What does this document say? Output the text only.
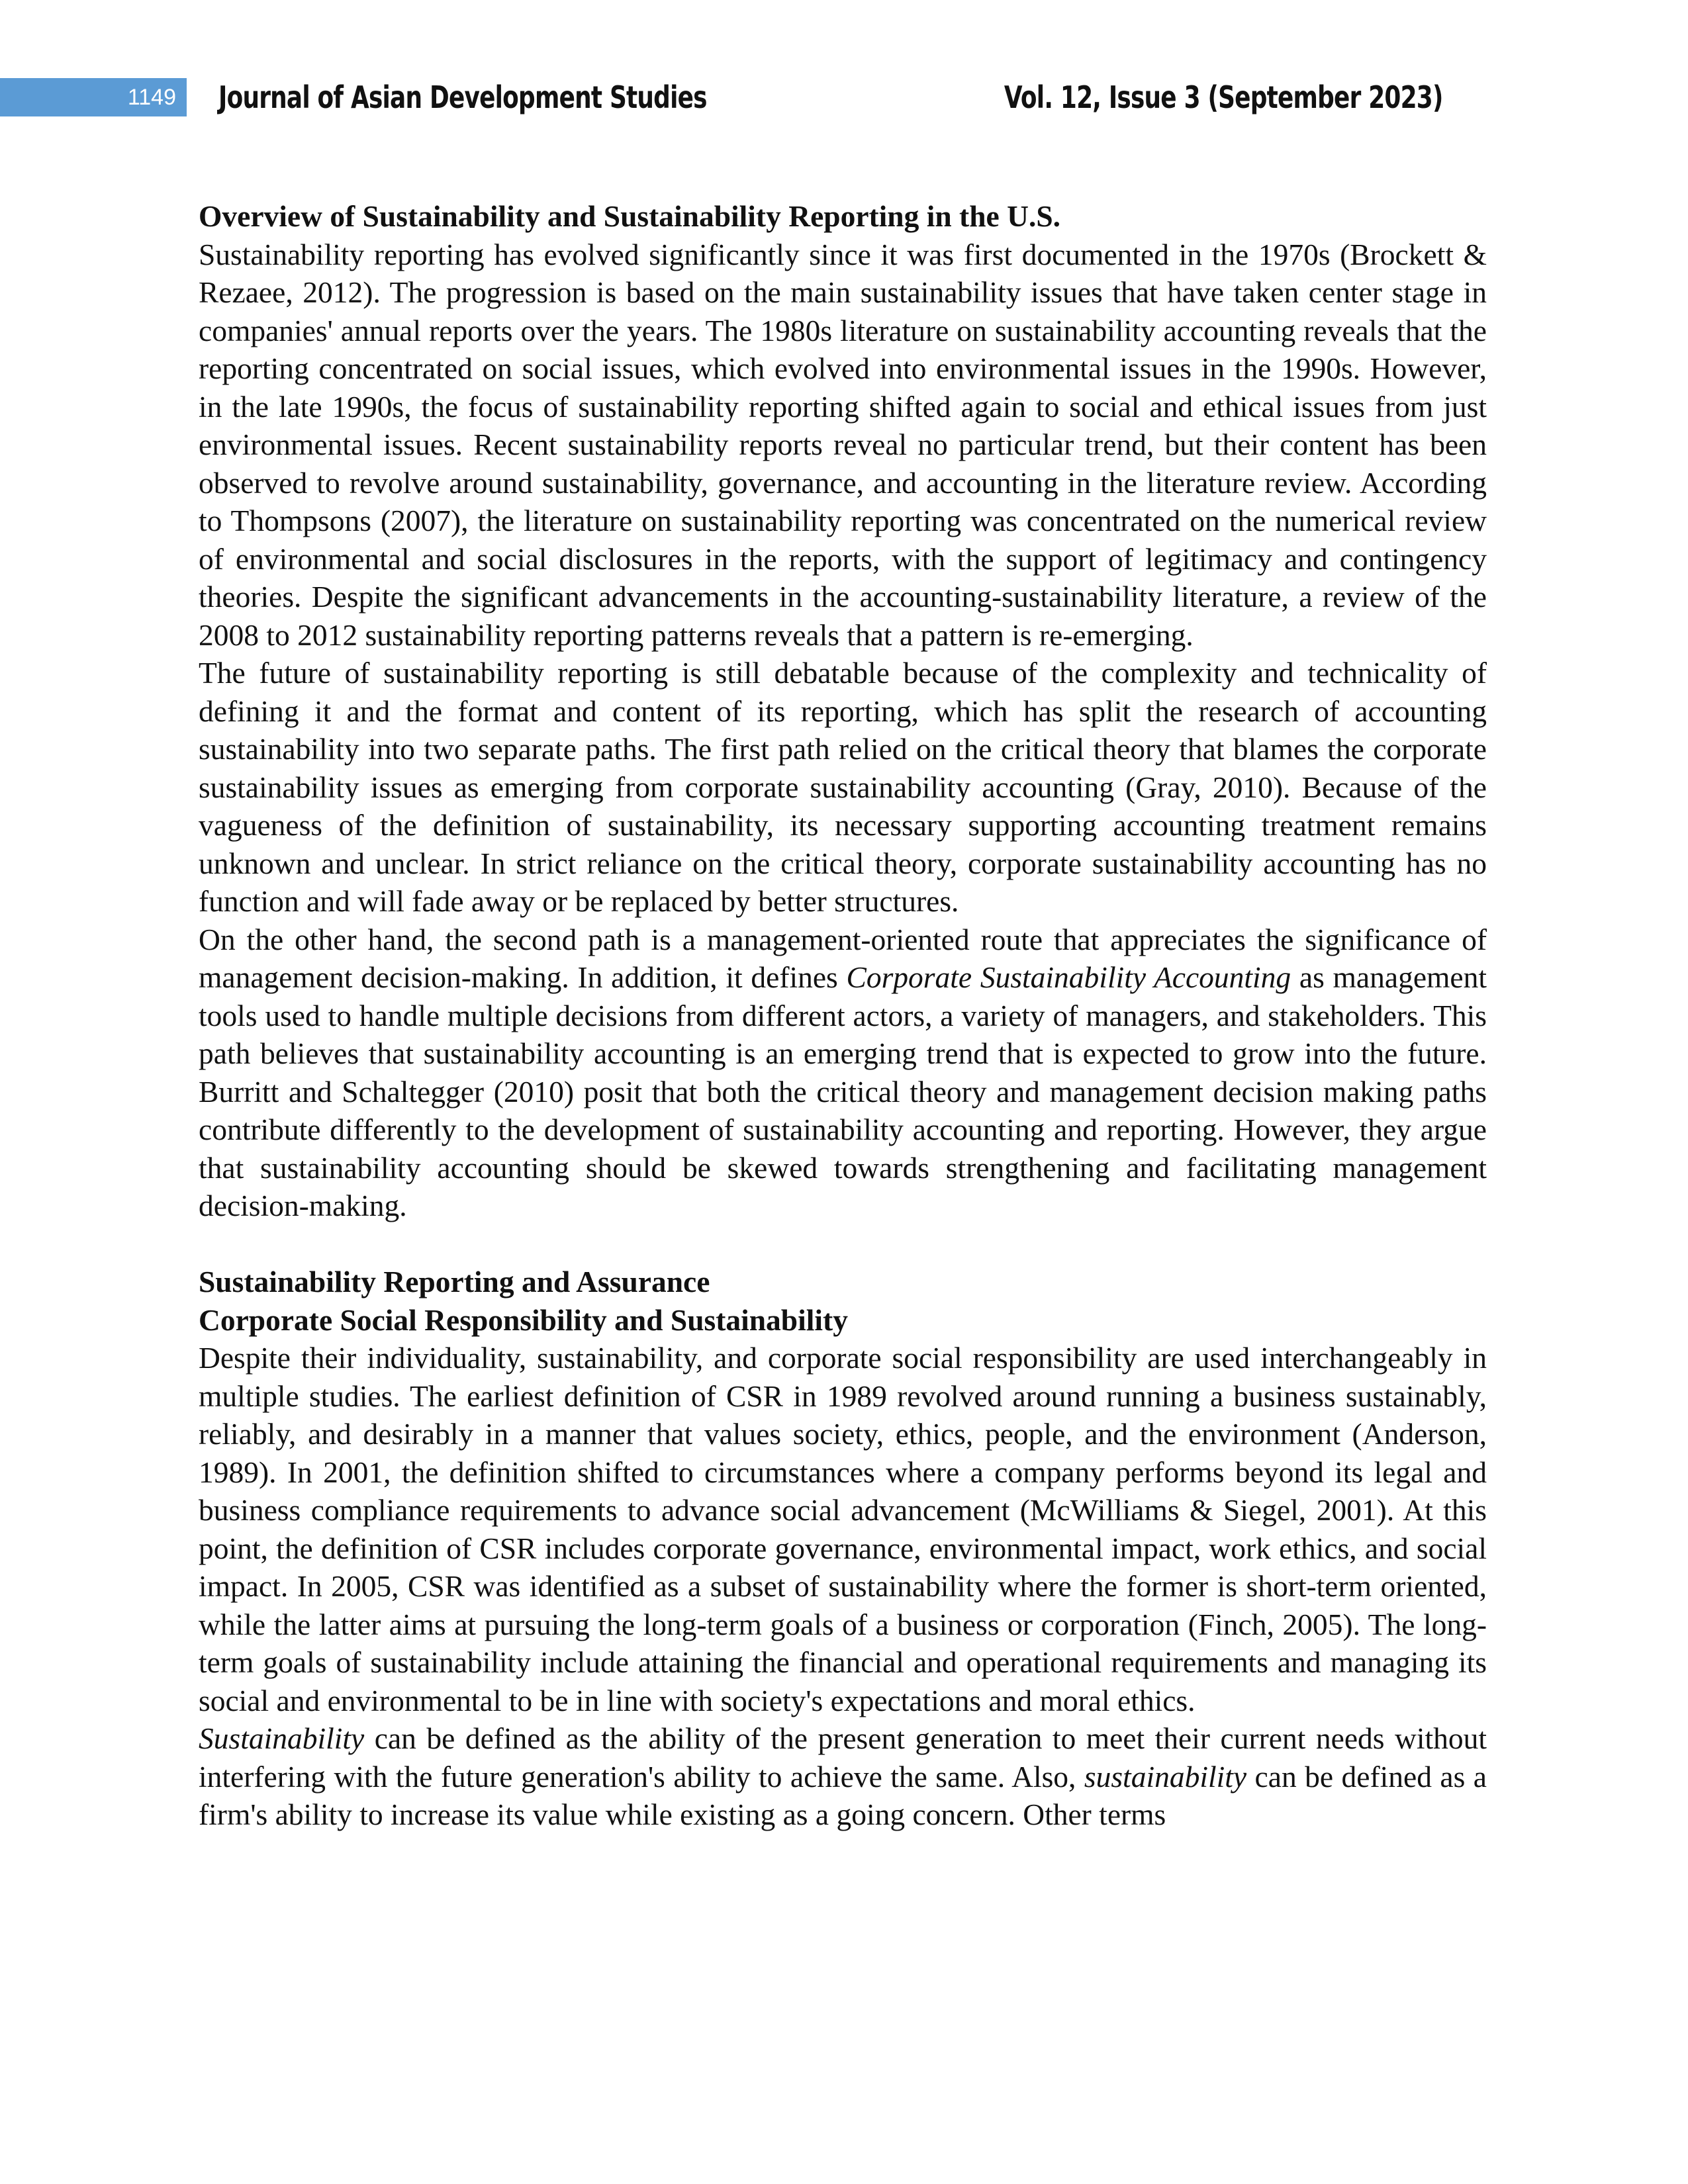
1149	Journal of Asian Development Studies	Vol. 12, Issue 3 (September 2023)
Overview of Sustainability and Sustainability Reporting in the U.S.

Sustainability reporting has evolved significantly since it was first documented in the 1970s (Brockett & Rezaee, 2012). The progression is based on the main sustainability issues that have taken center stage in companies' annual reports over the years. The 1980s literature on sustainability accounting reveals that the reporting concentrated on social issues, which evolved into environmental issues in the 1990s. However, in the late 1990s, the focus of sustainability reporting shifted again to social and ethical issues from just environmental issues. Recent sustainability reports reveal no particular trend, but their content has been observed to revolve around sustainability, governance, and accounting in the literature review. According to Thompsons (2007), the literature on sustainability reporting was concentrated on the numerical review of environmental and social disclosures in the reports, with the support of legitimacy and contingency theories. Despite the significant advancements in the accounting-sustainability literature, a review of the 2008 to 2012 sustainability reporting patterns reveals that a pattern is re-emerging.

The future of sustainability reporting is still debatable because of the complexity and technicality of defining it and the format and content of its reporting, which has split the research of accounting sustainability into two separate paths. The first path relied on the critical theory that blames the corporate sustainability issues as emerging from corporate sustainability accounting (Gray, 2010). Because of the vagueness of the definition of sustainability, its necessary supporting accounting treatment remains unknown and unclear. In strict reliance on the critical theory, corporate sustainability accounting has no function and will fade away or be replaced by better structures.

On the other hand, the second path is a management-oriented route that appreciates the significance of management decision-making. In addition, it defines Corporate Sustainability Accounting as management tools used to handle multiple decisions from different actors, a variety of managers, and stakeholders. This path believes that sustainability accounting is an emerging trend that is expected to grow into the future. Burritt and Schaltegger (2010) posit that both the critical theory and management decision making paths contribute differently to the development of sustainability accounting and reporting. However, they argue that sustainability accounting should be skewed towards strengthening and facilitating management decision-making.

Sustainability Reporting and Assurance
Corporate Social Responsibility and Sustainability

Despite their individuality, sustainability, and corporate social responsibility are used interchangeably in multiple studies. The earliest definition of CSR in 1989 revolved around running a business sustainably, reliably, and desirably in a manner that values society, ethics, people, and the environment (Anderson, 1989). In 2001, the definition shifted to circumstances where a company performs beyond its legal and business compliance requirements to advance social advancement (McWilliams & Siegel, 2001). At this point, the definition of CSR includes corporate governance, environmental impact, work ethics, and social impact. In 2005, CSR was identified as a subset of sustainability where the former is short-term oriented, while the latter aims at pursuing the long-term goals of a business or corporation (Finch, 2005). The long-term goals of sustainability include attaining the financial and operational requirements and managing its social and environmental to be in line with society's expectations and moral ethics.

Sustainability can be defined as the ability of the present generation to meet their current needs without interfering with the future generation's ability to achieve the same. Also, sustainability can be defined as a firm's ability to increase its value while existing as a going concern. Other terms
